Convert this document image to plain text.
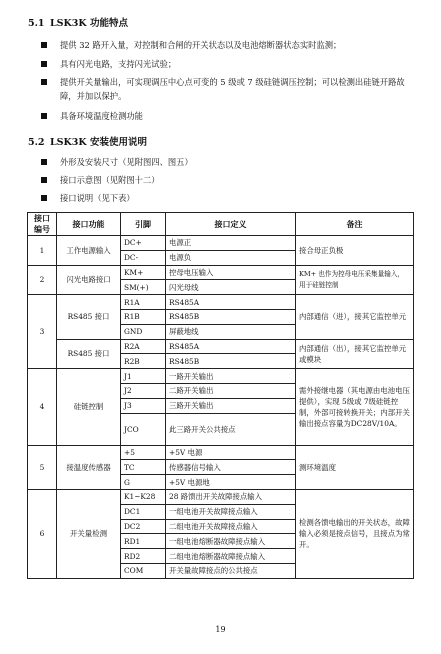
5.1 LSK3K 功能特点
提供 32 路开入量，对控制和合闸的开关状态以及电池熔断器状态实时监测；
具有闪光电路，支持闪光试验；
提供开关量输出，可实现调压中心点可变的 5 级或 7 级硅链调压控制；可以检测出硅链开路故障，并加以保护。
具备环境温度检测功能
5.2 LSK3K 安装使用说明
外形及安装尺寸（见附图四、图五）
接口示意图（见附图十二）
接口说明（见下表）
接口编号	接口功能	引脚	接口定义	备注
1	工作电源输入	DC+	电源正	接合母正负极
		DC-	电源负	
2	闪光电路接口	KM+	控母电压输入	KM+ 也作为控母电压采集量输入，用于硅链控制
		SM(+)	闪光母线	
3	RS485 接口	R1A	RS485A	内部通信（进），接其它监控单元
		R1B	RS485B	
		GND	屏蔽地线	
	RS485 接口	R2A	RS485A	内部通信（出），接其它监控单元或模块
		R2B	RS485B	
4	硅链控制	J1	一路开关输出	需外接继电器（其电源由电池电压提供），实现 5级或 7级硅链控制，外部可接转换开关；内部开关输出接点容量为DC28V/10A。
		J2	二路开关输出	
		J3	三路开关输出	
		JCO	此三路开关公共接点	
5	接温度传感器	+5	+5V 电源	测环境温度
		TC	传感器信号输入	
		G	+5V 电源地	
6	开关量检测	K1~K28	28 路馈出开关故障接点输入	检测各馈电输出的开关状态，故障输入必须是接点信号，且接点为常开。
		DC1	一组电池开关故障接点输入	
		DC2	二组电池开关故障接点输入	
		RD1	一组电池熔断器故障接点输入	
		RD2	二组电池熔断器故障接点输入	
		COM	开关量故障接点的公共接点	
19
